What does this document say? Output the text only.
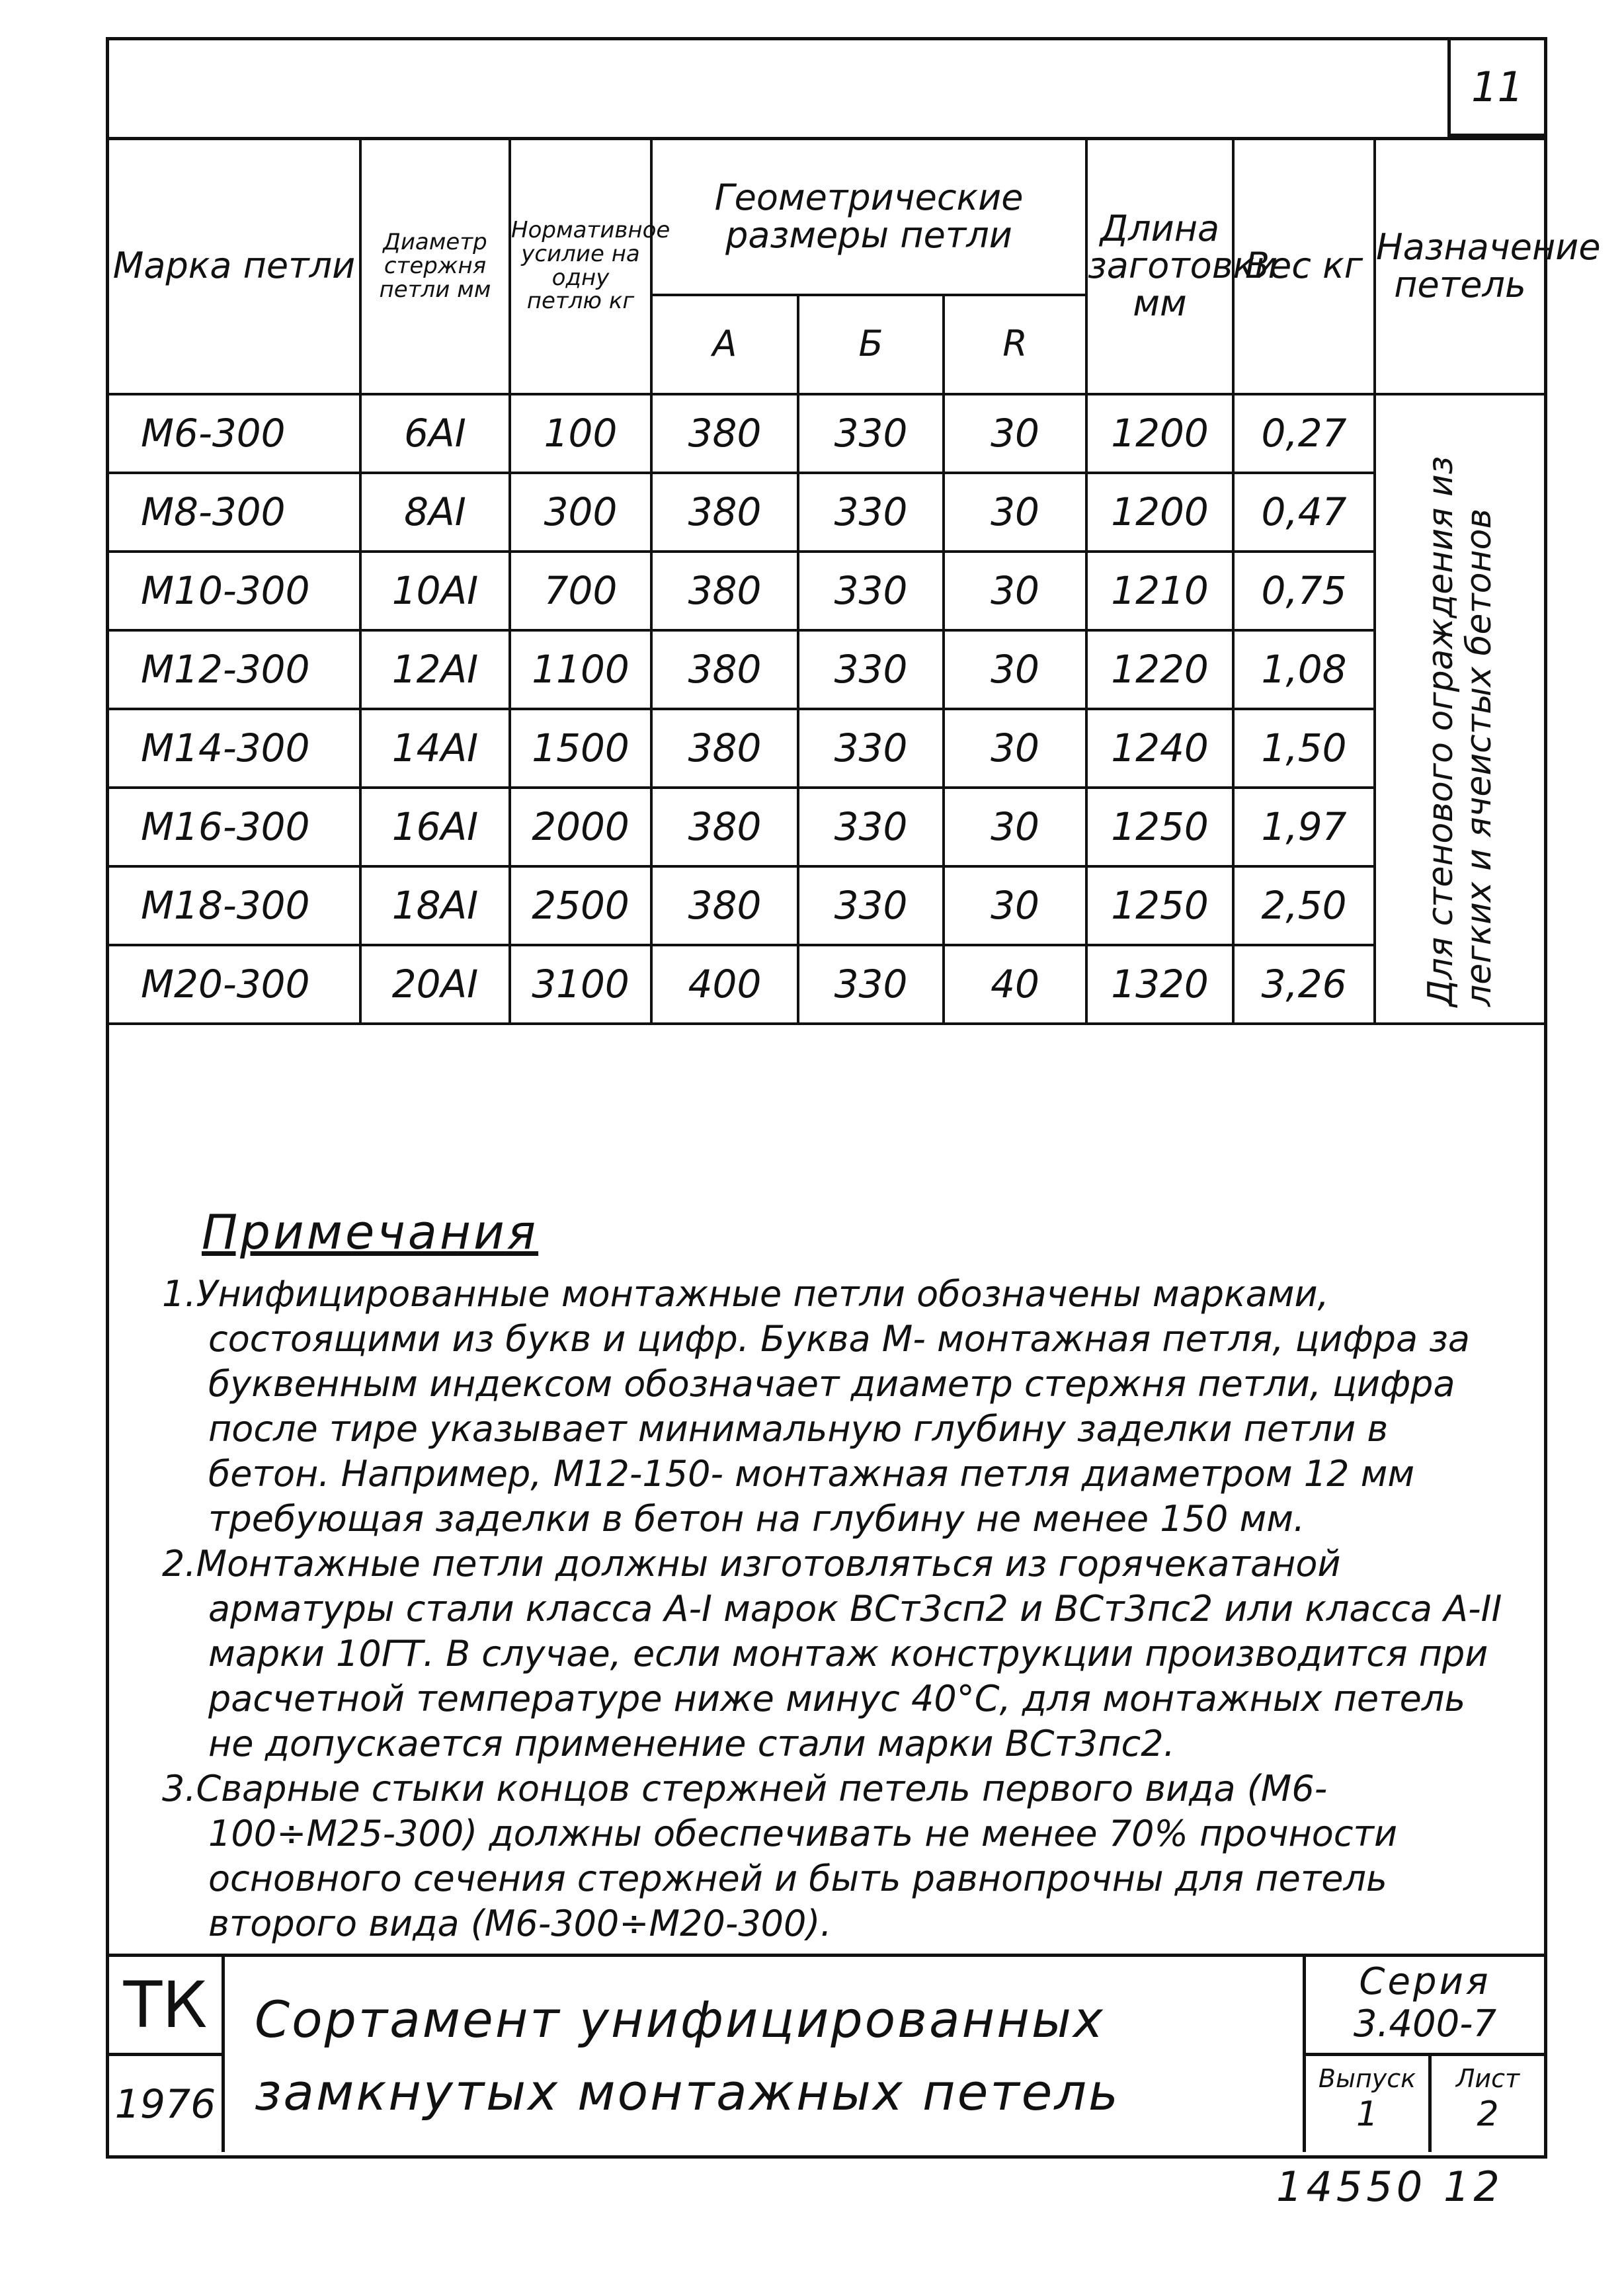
11
Марка петли	Диаметр стержня петли мм	Нормативное усилие на одну петлю кг	Геометрические размеры петли			Длина заготовки мм	Вес кг	Назначение петель
			А	Б	R			
М6-300	6АI	100	380	330	30	1200	0,27	Для стенового ограждения из легких и ячеистых бетонов

М8-300	8АI	300	380	330	30	1200	0,47	
М10-300	10АI	700	380	330	30	1210	0,75	
М12-300	12АI	1100	380	330	30	1220	1,08	
М14-300	14АI	1500	380	330	30	1240	1,50	
М16-300	16АI	2000	380	330	30	1250	1,97	
М18-300	18АI	2500	380	330	30	1250	2,50	
М20-300	20АI	3100	400	330	40	1320	3,26	
Примечания
1.Унифицированные монтажные петли обозначены марками, состоящими из букв и цифр. Буква М- монтажная петля, цифра за буквенным индексом обозначает диаметр стержня петли, цифра после тире указывает минимальную глубину заделки петли в бетон. Например, М12-150- монтажная петля диаметром 12 мм требующая заделки в бетон на глубину не менее 150 мм.
2.Монтажные петли должны изготовляться из горячекатаной арматуры стали класса А-I марок ВСт3сп2 и ВСт3пс2 или класса А-II марки 10ГТ. В случае, если монтаж конструкции производится при расчетной температуре ниже минус 40°С, для монтажных петель не допускается применение стали марки ВСт3пс2.
3.Сварные стыки концов стержней петель первого вида (М6-100÷М25-300) должны обеспечивать не менее 70% прочности основного сечения стержней и быть равнопрочны для петель второго вида (М6-300÷М20-300).
ТК
1976
Сортамент унифицированных замкнутых монтажных петель
Серия
3.400-7
Выпуск
1
Лист
2
14550 12
